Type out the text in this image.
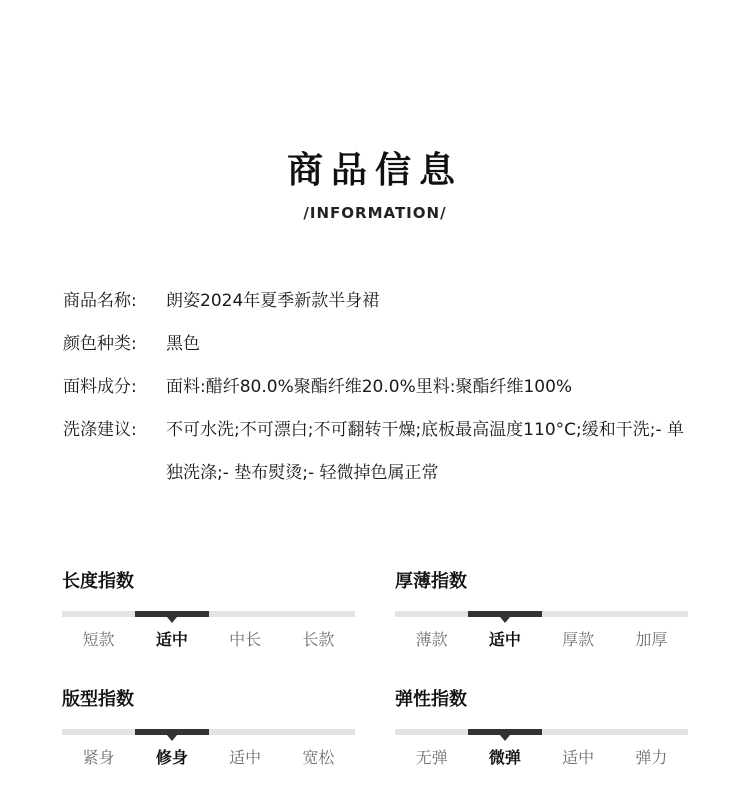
商品信息
/INFORMATION/
商品名称:	朗姿2024年夏季新款半身裙
颜色种类:	黑色
面料成分:	面料:醋纤80.0%聚酯纤维20.0%里料:聚酯纤维100%
洗涤建议:	不可水洗;不可漂白;不可翻转干燥;底板最高温度110°C;缓和干洗;- 单独洗涤;- 垫布熨烫;- 轻微掉色属正常
长度指数
短款	适中	中长	长款
厚薄指数
薄款	适中	厚款	加厚
版型指数
紧身	修身	适中	宽松
弹性指数
无弹	微弹	适中	弹力
